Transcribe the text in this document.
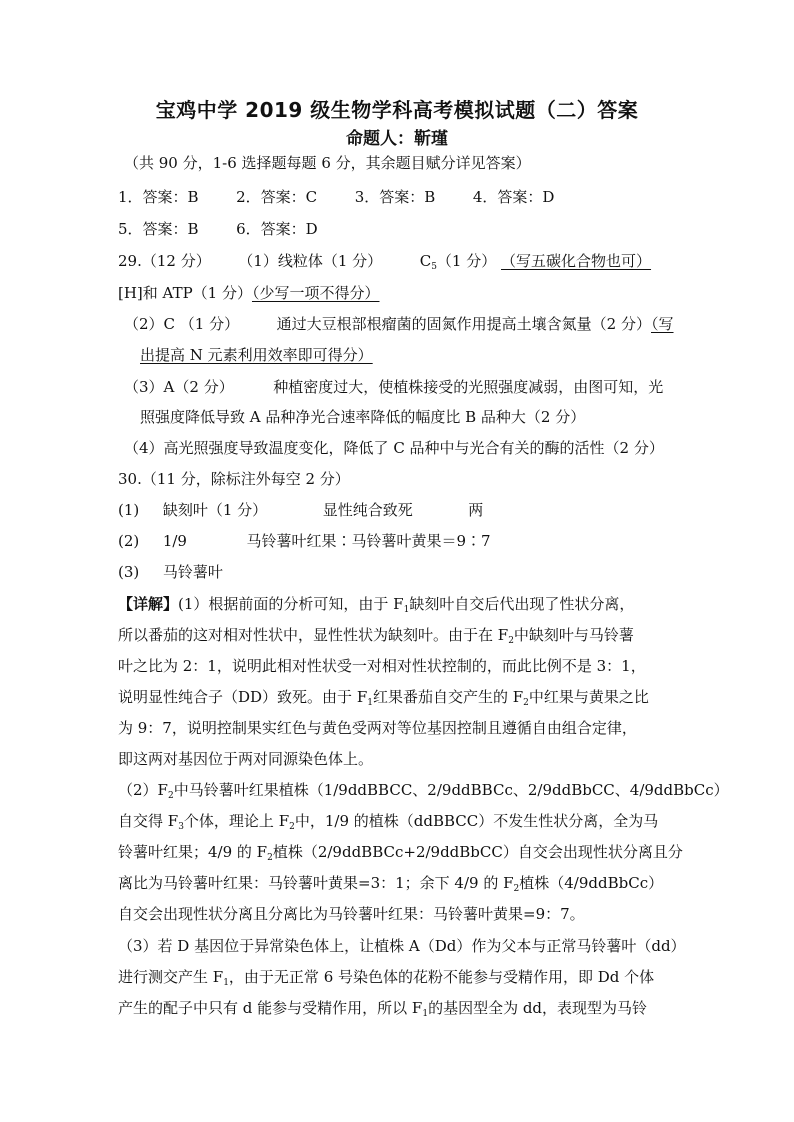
宝鸡中学 2019 级生物学科高考模拟试题（二）答案
命题人：靳瑾
（共 90 分，1-6 选择题每题 6 分，其余题目赋分详见答案）
1．答案：B	2．答案：C	3．答案：B	4．答案：D
5．答案：B	6．答案：D
29.（12 分） （1）线粒体（1 分）	$C_5(1$ 分） （写五碳化合物也可）
[H]和 ATP（1 分）（少写一项不得分）
（2）C （1 分）	通过大豆根部根瘤菌的固氮作用提高土壤含氮量（2 分）（写
出提高 N 元素利用效率即可得分）
（3）A（2 分）	种植密度过大，使植株接受的光照强度减弱，由图可知，光
照强度降低导致 A 品种净光合速率降低的幅度比 B 品种大（2 分）
（4）高光照强度导致温度变化，降低了 C 品种中与光合有关的酶的活性（2 分）
30.（11 分，除标注外每空 2 分）
(1) 缺刻叶（1 分）	显性纯合致死	两
(2) 1/9	马铃薯叶红果∶马铃薯叶黄果＝9∶7
(3) 马铃薯叶
【详解】(1）根据前面的分析可知，由于 $F_1$缺刻叶自交后代出现了性状分离，
所以番茄的这对相对性状中，显性性状为缺刻叶。由于在 $F_2$中缺刻叶与马铃薯
叶之比为 2：1，说明此相对性状受一对相对性状控制的，而此比例不是 3：1，
说明显性纯合子（DD）致死。由于 $F_1$红果番茄自交产生的 $F_2$中红果与黄果之比
为 9：7，说明控制果实红色与黄色受两对等位基因控制且遵循自由组合定律，
即这两对基因位于两对同源染色体上。
$(2)F_2$中马铃薯叶红果植株（1/9ddBBCC、2/9ddBBCc、2/9ddBbCC、4/9ddBbCc）
自交得 $F_3$个体，理论上 $F_2$中，1/9 的植株（ddBBCC）不发生性状分离，全为马
铃薯叶红果；4/9 的 $F_2$植株（2/9ddBBCc+2/9ddBbCC）自交会出现性状分离且分
离比为马铃薯叶红果：马铃薯叶黄果=3：1；余下 4/9 的 $F_2$植株（4/9ddBbCc）
自交会出现性状分离且分离比为马铃薯叶红果：马铃薯叶黄果=9：7。
（3）若 D 基因位于异常染色体上，让植株 A（Dd）作为父本与正常马铃薯叶（dd）
进行测交产生 $F_1$，由于无正常 6 号染色体的花粉不能参与受精作用，即 Dd 个体
产生的配子中只有 d 能参与受精作用，所以 $F_1$的基因型全为 dd，表现型为马铃
